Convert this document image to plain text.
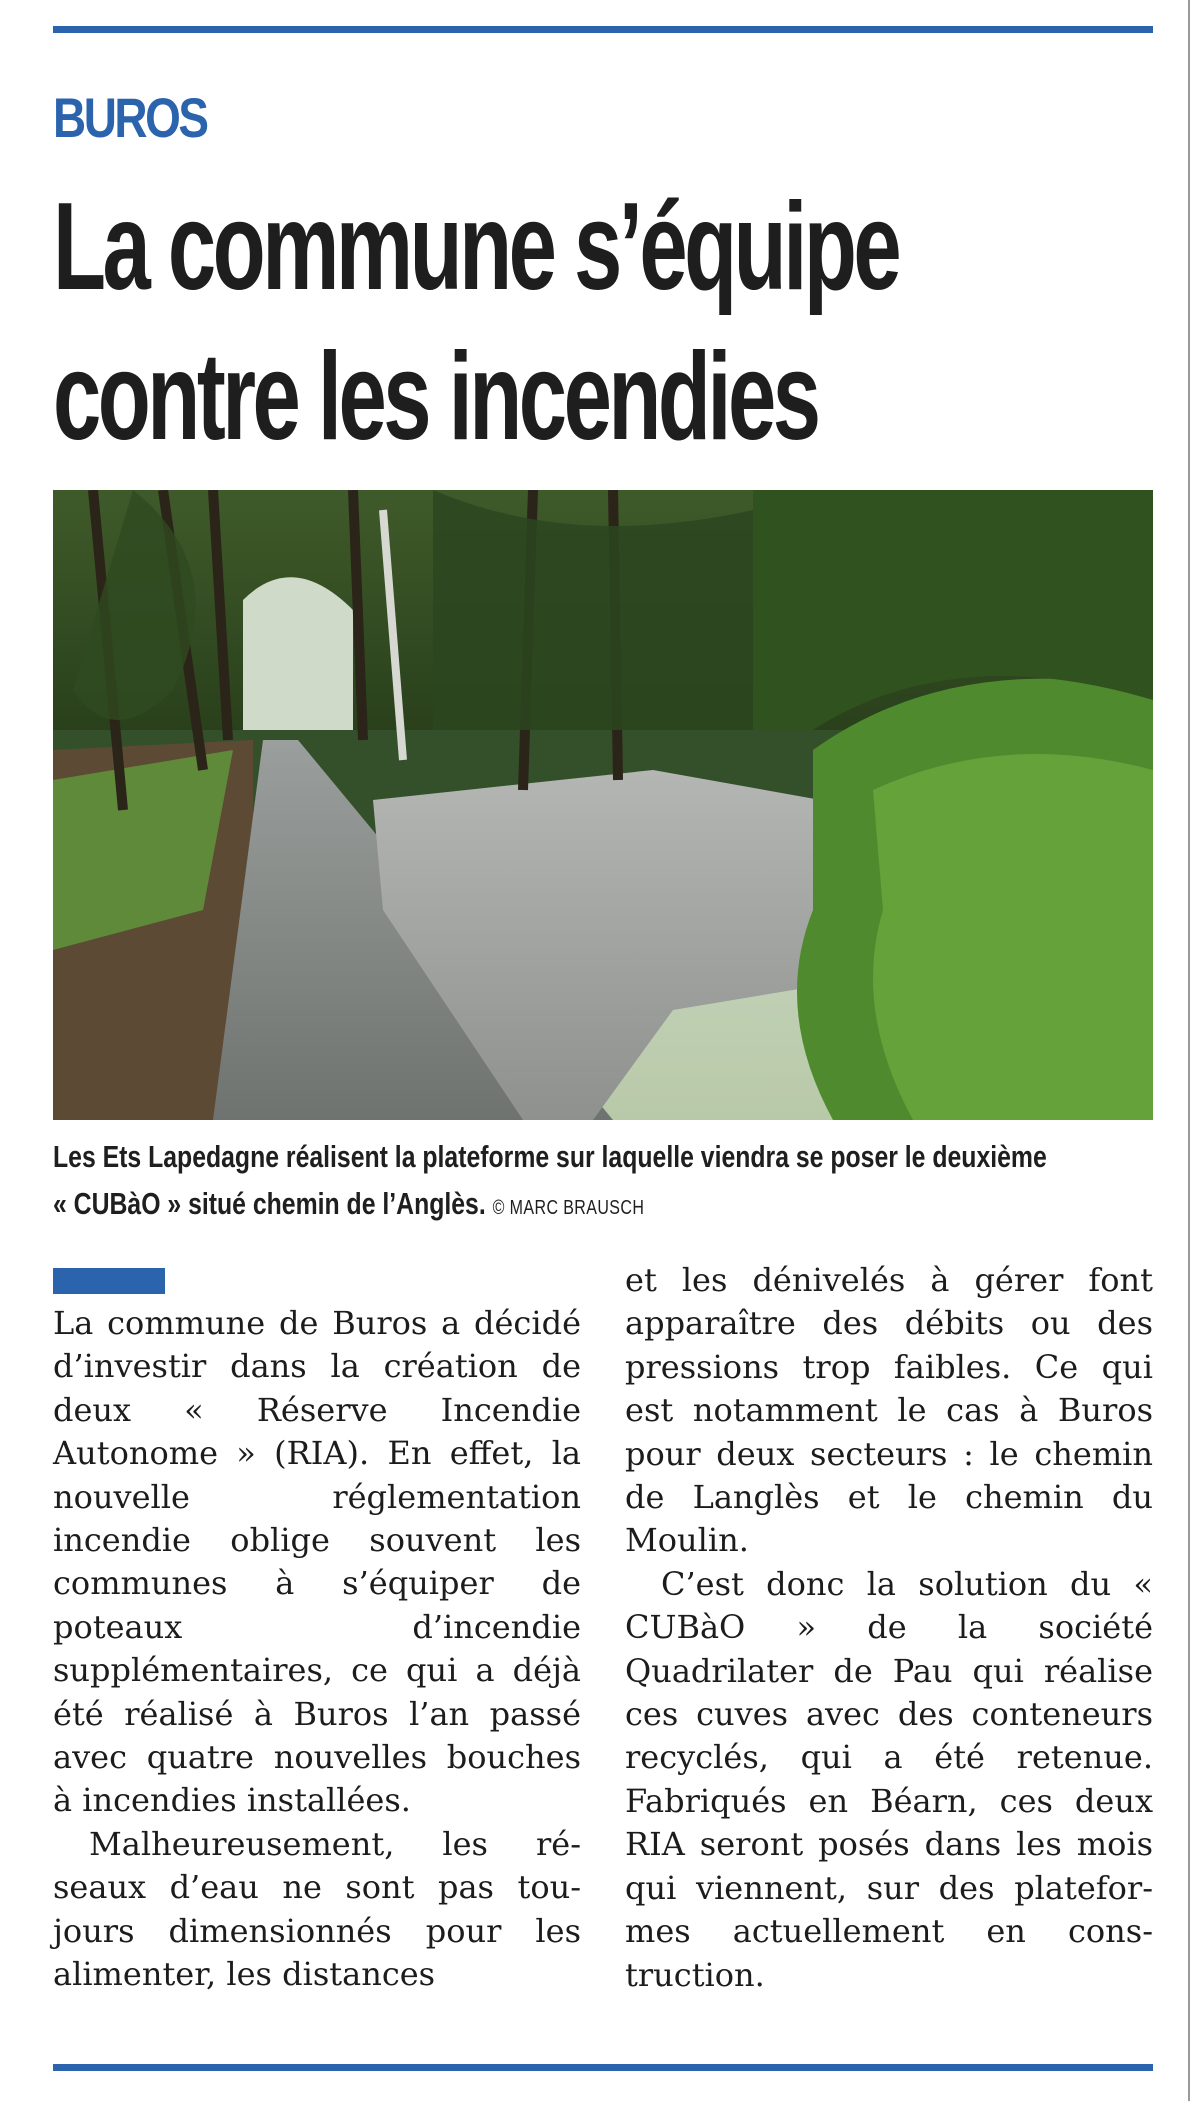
BUROS
La commune s’équipe
contre les incendies

Les Ets Lapedagne réalisent la plateforme sur laquelle viendra se poser le deuxième

« CUBàO » situé chemin de l’Anglès. © MARC BRAUSCH

La commune de Buros a décidé d’investir dans la création de deux « Réserve Incendie Autonome » (RIA). En effet, la nouvelle réglementation incendie oblige souvent les communes à s’équiper de poteaux d’incendie supplémentaires, ce qui a déjà été réalisé à Buros l’an passé avec quatre nouvelles bouches à incendies installées.

Malheureusement, les réseaux d’eau ne sont pas toujours dimensionnés pour les alimenter, les distances

et les dénivelés à gérer font apparaître des débits ou des pressions trop faibles. Ce qui est notamment le cas à Buros pour deux secteurs : le chemin de Langlès et le chemin du Moulin.

C’est donc la solution du « CUBàO » de la société Quadrilater de Pau qui réalise ces cuves avec des conteneurs recyclés, qui a été retenue. Fabriqués en Béarn, ces deux RIA seront posés dans les mois qui viennent, sur des plateformes actuellement en construction.
